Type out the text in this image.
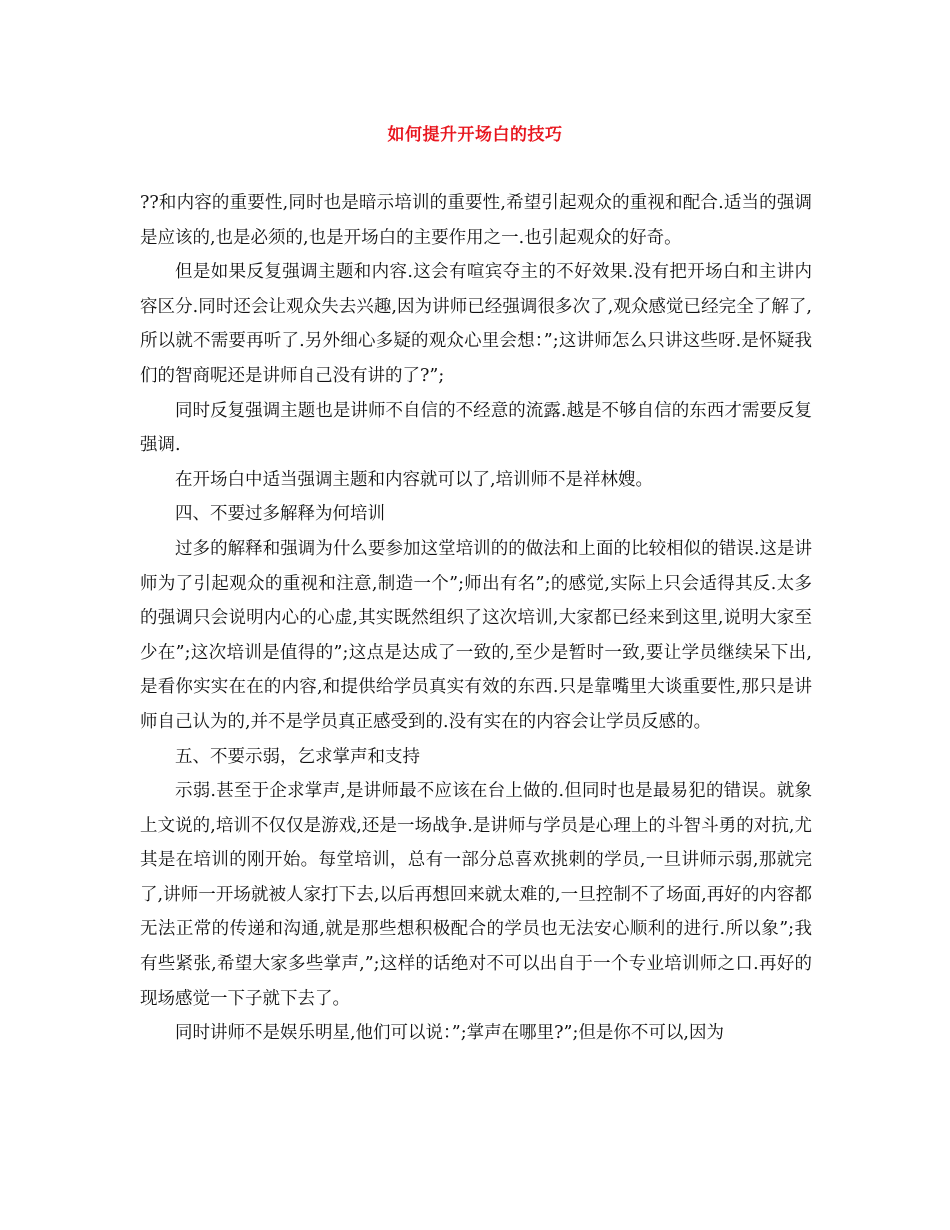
如何提升开场白的技巧

??和内容的重要性,同时也是暗示培训的重要性,希望引起观众的重视和配合.适当的强调是应该的,也是必须的,也是开场白的主要作用之一.也引起观众的好奇。

但是如果反复强调主题和内容.这会有喧宾夺主的不好效果.没有把开场白和主讲内容区分.同时还会让观众失去兴趣,因为讲师已经强调很多次了,观众感觉已经完全了解了,所以就不需要再听了.另外细心多疑的观众心里会想：”;这讲师怎么只讲这些呀.是怀疑我们的智商呢还是讲师自己没有讲的了?”;

同时反复强调主题也是讲师不自信的不经意的流露.越是不够自信的东西才需要反复强调.

在开场白中适当强调主题和内容就可以了,培训师不是祥林嫂。

四、不要过多解释为何培训

过多的解释和强调为什么要参加这堂培训的的做法和上面的比较相似的错误.这是讲师为了引起观众的重视和注意,制造一个”;师出有名”;的感觉,实际上只会适得其反.太多的强调只会说明内心的心虚,其实既然组织了这次培训,大家都已经来到这里,说明大家至少在”;这次培训是值得的”;这点是达成了一致的,至少是暂时一致,要让学员继续呆下出,是看你实实在在的内容,和提供给学员真实有效的东西.只是靠嘴里大谈重要性,那只是讲师自己认为的,并不是学员真正感受到的.没有实在的内容会让学员反感的。

五、不要示弱，乞求掌声和支持

示弱.甚至于企求掌声,是讲师最不应该在台上做的.但同时也是最易犯的错误。就象上文说的,培训不仅仅是游戏,还是一场战争.是讲师与学员是心理上的斗智斗勇的对抗,尤其是在培训的刚开始。每堂培训，总有一部分总喜欢挑刺的学员,一旦讲师示弱,那就完了,讲师一开场就被人家打下去,以后再想回来就太难的,一旦控制不了场面,再好的内容都无法正常的传递和沟通,就是那些想积极配合的学员也无法安心顺利的进行.所以象”;我有些紧张,希望大家多些掌声,”;这样的话绝对不可以出自于一个专业培训师之口.再好的现场感觉一下子就下去了。

同时讲师不是娱乐明星,他们可以说：”;掌声在哪里?”;但是你不可以,因为
